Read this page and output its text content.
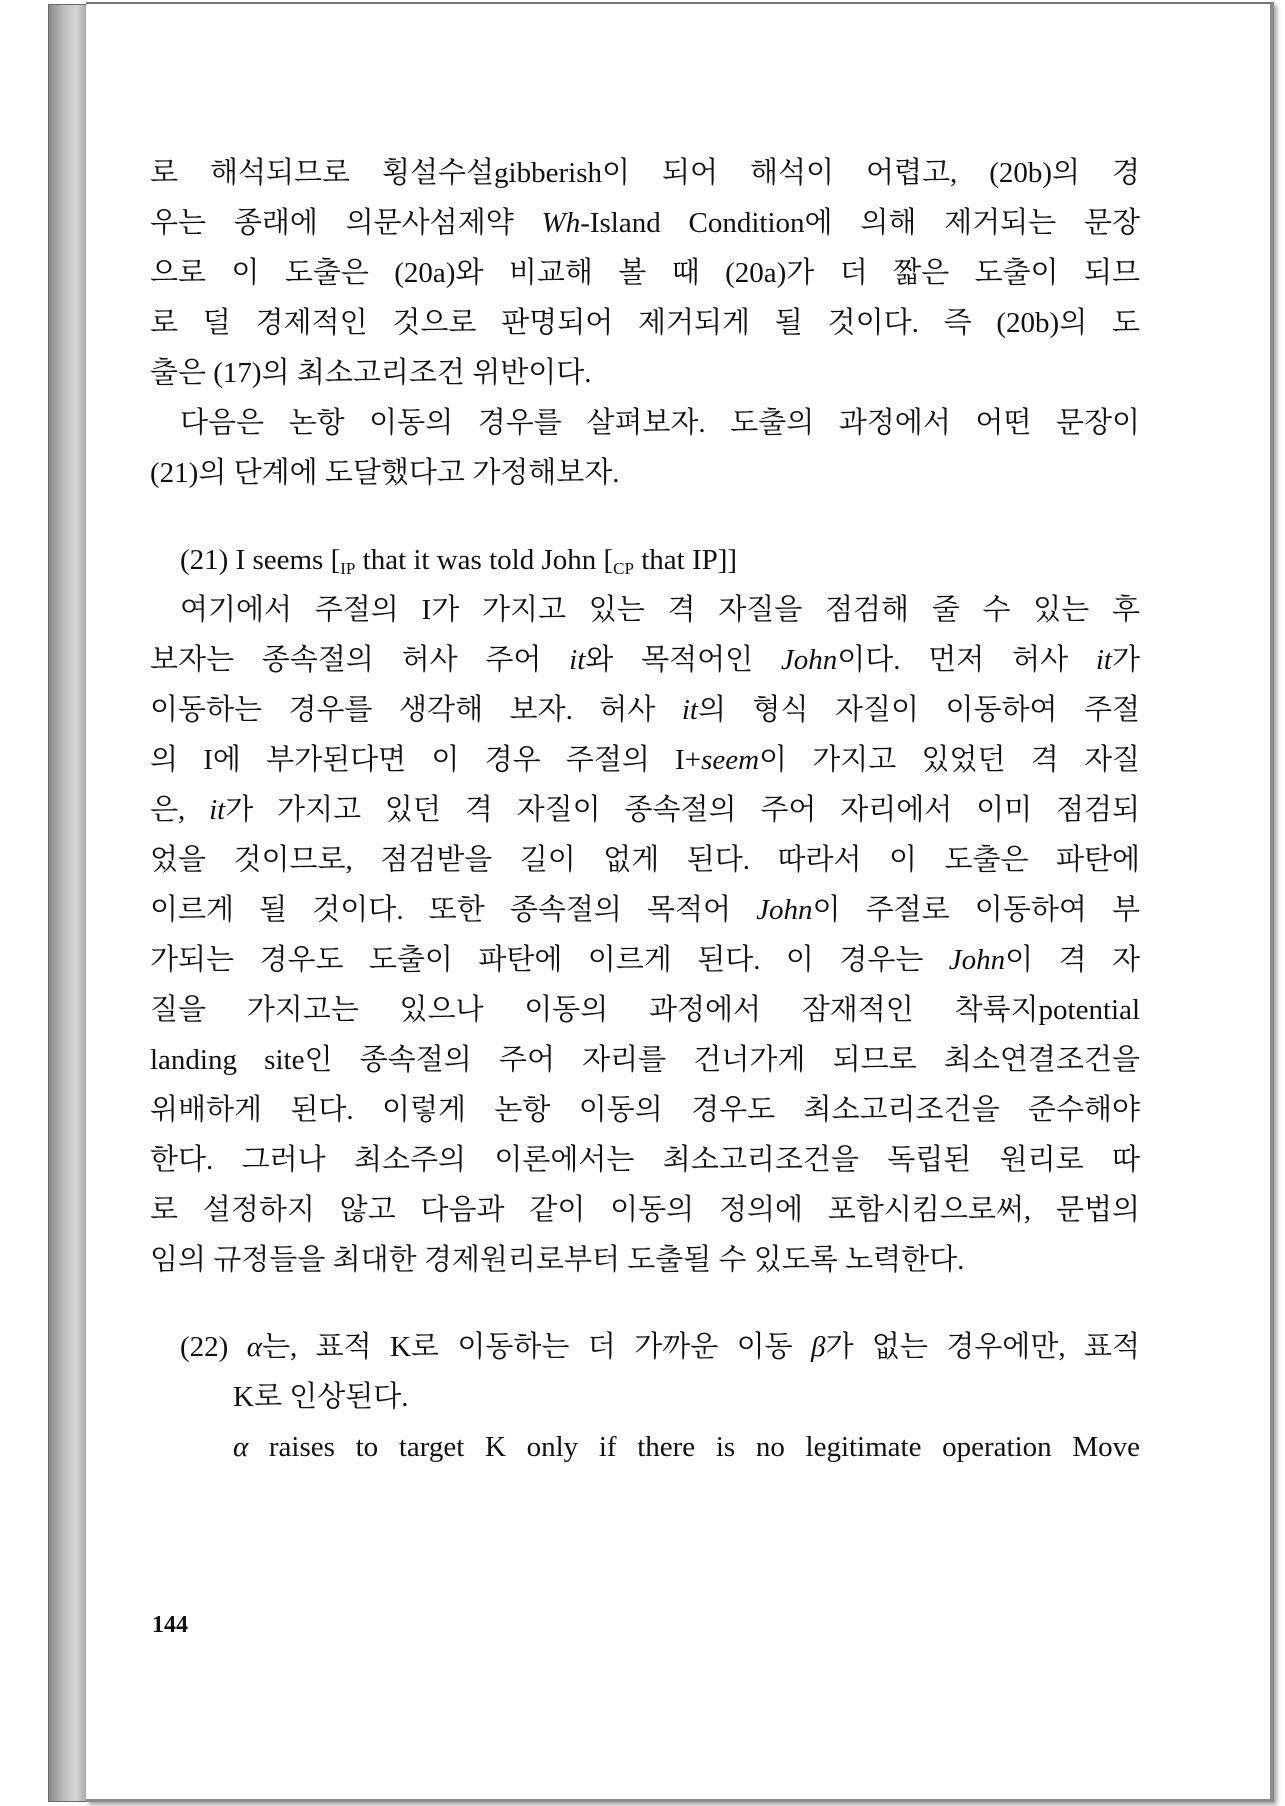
로 해석되므로 횡설수설gibberish이 되어 해석이 어렵고, (20b)의 경
우는 종래에 의문사섬제약 Wh-Island Condition에 의해 제거되는 문장
으로 이 도출은 (20a)와 비교해 볼 때 (20a)가 더 짧은 도출이 되므
로 덜 경제적인 것으로 판명되어 제거되게 될 것이다. 즉 (20b)의 도
출은 (17)의 최소고리조건 위반이다.
다음은 논항 이동의 경우를 살펴보자. 도출의 과정에서 어떤 문장이
(21)의 단계에 도달했다고 가정해보자.
(21) I seems [$_{IP}$ that it was told John [$_{CP}$ that IP]]
여기에서 주절의 I가 가지고 있는 격 자질을 점검해 줄 수 있는 후
보자는 종속절의 허사 주어 it와 목적어인 John이다. 먼저 허사 it가
이동하는 경우를 생각해 보자. 허사 it의 형식 자질이 이동하여 주절
의 I에 부가된다면 이 경우 주절의 I+seem이 가지고 있었던 격 자질
은, it가 가지고 있던 격 자질이 종속절의 주어 자리에서 이미 점검되
었을 것이므로, 점검받을 길이 없게 된다. 따라서 이 도출은 파탄에
이르게 될 것이다. 또한 종속절의 목적어 John이 주절로 이동하여 부
가되는 경우도 도출이 파탄에 이르게 된다. 이 경우는 John이 격 자
질을 가지고는 있으나 이동의 과정에서 잠재적인 착륙지potential
landing site인 종속절의 주어 자리를 건너가게 되므로 최소연결조건을
위배하게 된다. 이렇게 논항 이동의 경우도 최소고리조건을 준수해야
한다. 그러나 최소주의 이론에서는 최소고리조건을 독립된 원리로 따
로 설정하지 않고 다음과 같이 이동의 정의에 포함시킴으로써, 문법의
임의 규정들을 최대한 경제원리로부터 도출될 수 있도록 노력한다.
(22) α는, 표적 K로 이동하는 더 가까운 이동 β가 없는 경우에만, 표적
K로 인상된다.
α raises to target K only if there is no legitimate operation Move
144
